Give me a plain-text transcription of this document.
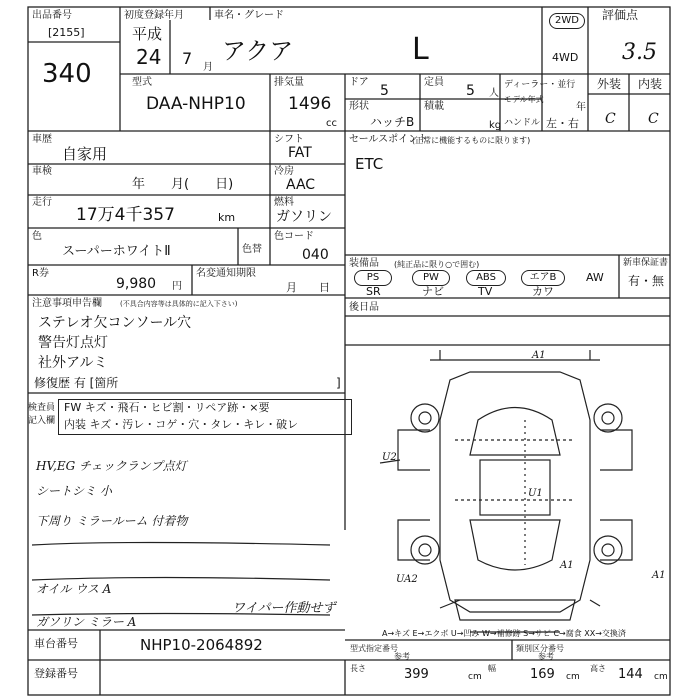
出品番号
[2155]
340
初度登録年月
平成
24 7 月
車名・グレード
アクア	L
2WD
4WD
評価点
3.5
外装 内装
C C
型式
DAA-NHP10
排気量
1496
cc
ドア
5
定員
5 人
ディーラー・並行
形状
ハッチB
積載
kg
モデル年式
年
ハンドル 左・右
車歴
自家用
シフト
FAT
車検
年　　月(　　日)
冷房
AAC
走行
17万4千357	km
燃料
ガソリン
色
スーパーホワイトⅡ	色替
色コード
040
R券
9,980 円
名変通知期限
月　　日
注意事項申告欄	(不具合内容等は具体的に記入下さい)
ステレオ欠コンソール穴
警告灯点灯
社外アルミ
修復歴 有 [箇所	]
検査員記入欄
FW キズ・飛石・ヒビ割・リペア跡・×要
内装 キズ・汚レ・コゲ・穴・タレ・キレ・破レ
HV,EG チェックランプ点灯
シートシミ 小
下周り ミラールーム 付着物
オイル ウス A
ガソリン ミラー A
ワイパー作動せず
セールスポイント
(正常に機能するものに限ります)
ETC
装備品 (純正品に限り○で囲む)
PS	PW	ABS	エアB	AW
SR	ナビ	TV	カワ
新車保証書
有・無
後日品
U2
A1
A1
U1
UA2	A1
A→キズ E→エクボ U→凹み W→補修跡 S→サビ C→腐食 XX→交換済
車台番号	NHP10-2064892
登録番号
型式指定番号
参考
類別区分番号
参考
長さ	399	cm
幅	169 cm
高さ 144 cm
